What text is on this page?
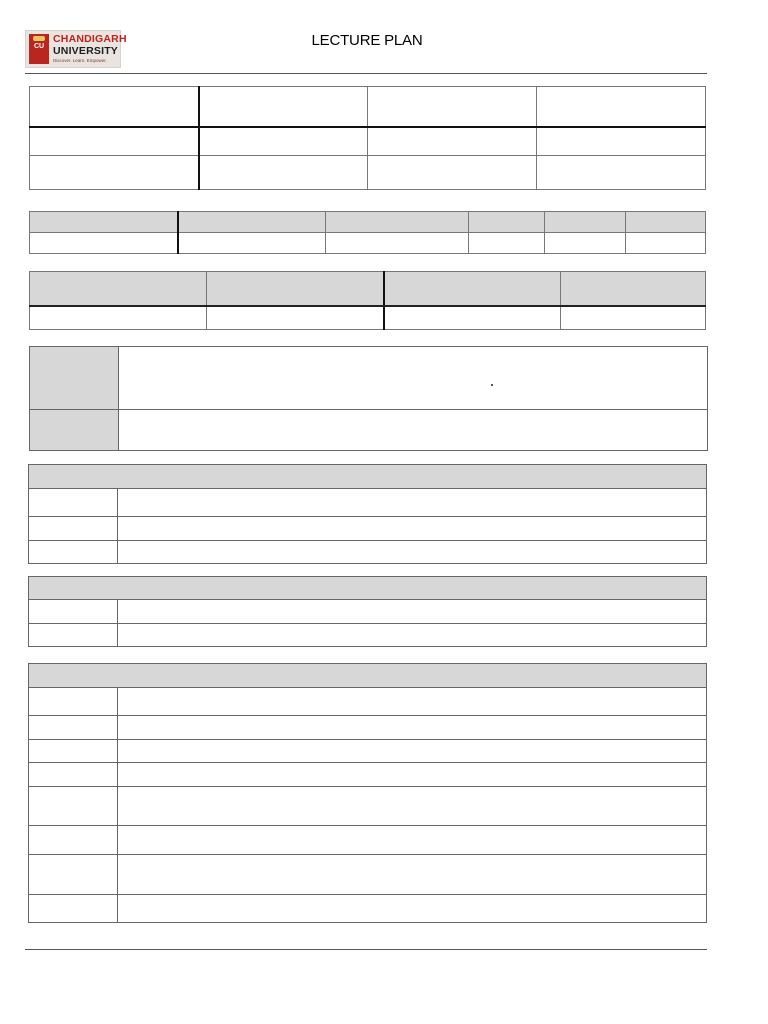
CU
CHANDIGARH
UNIVERSITY
Discover. Learn. Empower.
LECTURE PLAN
